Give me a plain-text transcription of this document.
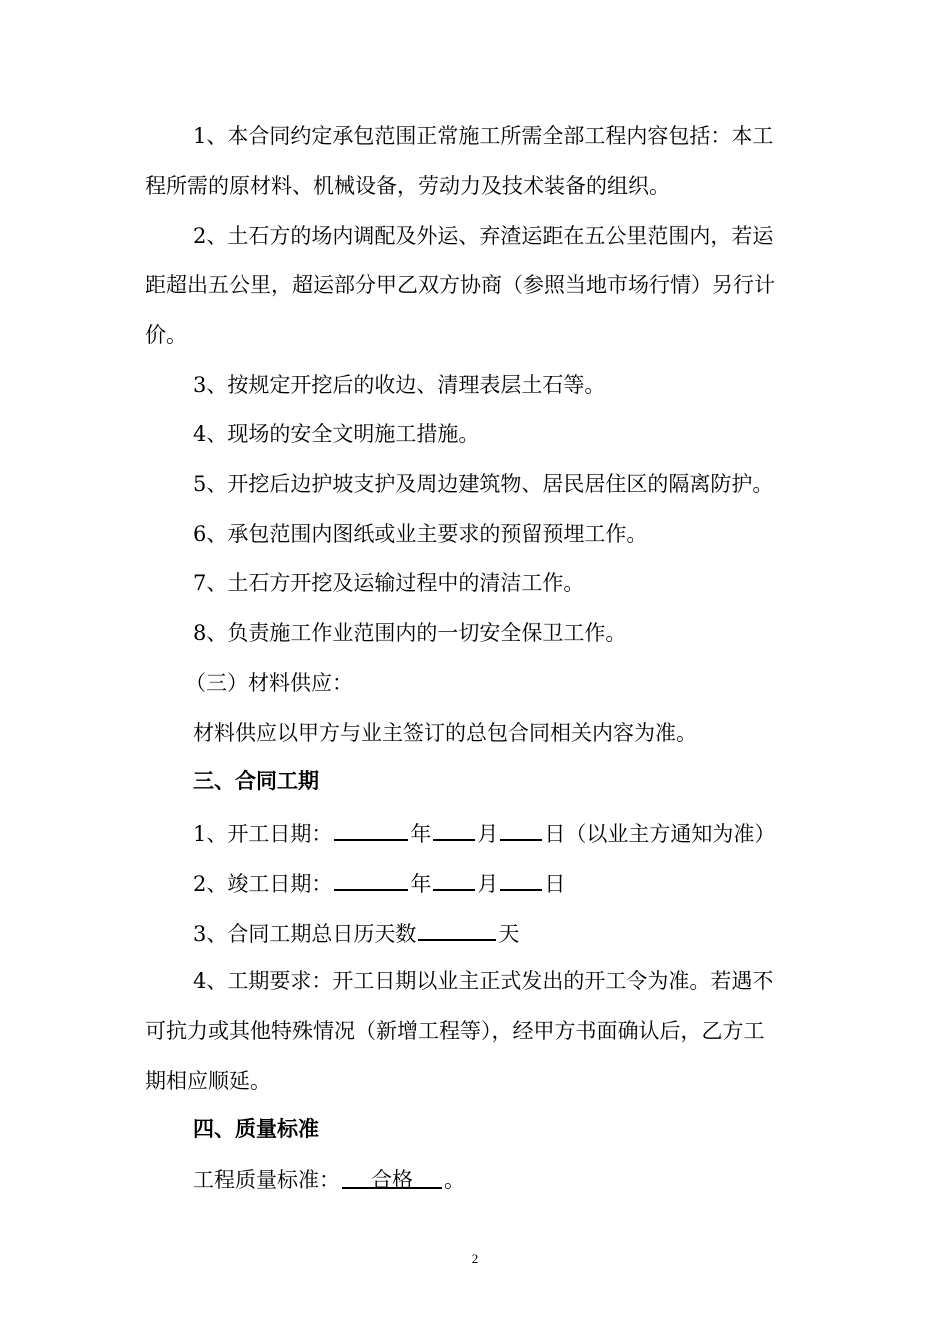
1、本合同约定承包范围正常施工所需全部工程内容包括：本工
程所需的原材料、机械设备，劳动力及技术装备的组织。
2、土石方的场内调配及外运、弃渣运距在五公里范围内，若运
距超出五公里，超运部分甲乙双方协商（参照当地市场行情）另行计
价。
3、按规定开挖后的收边、清理表层土石等。
4、现场的安全文明施工措施。
5、开挖后边护坡支护及周边建筑物、居民居住区的隔离防护。
6、承包范围内图纸或业主要求的预留预埋工作。
7、土石方开挖及运输过程中的清洁工作。
8、负责施工作业范围内的一切安全保卫工作。
（三）材料供应：
材料供应以甲方与业主签订的总包合同相关内容为准。
三、合同工期
1、开工日期：	年 月 日（以业主方通知为准）
2、竣工日期：	年 月 日
3、合同工期总日历天数	天
4、工期要求：开工日期以业主正式发出的开工令为准。若遇不
可抗力或其他特殊情况（新增工程等），经甲方书面确认后，乙方工
期相应顺延。
四、质量标准
工程质量标准： 合格 。
2
